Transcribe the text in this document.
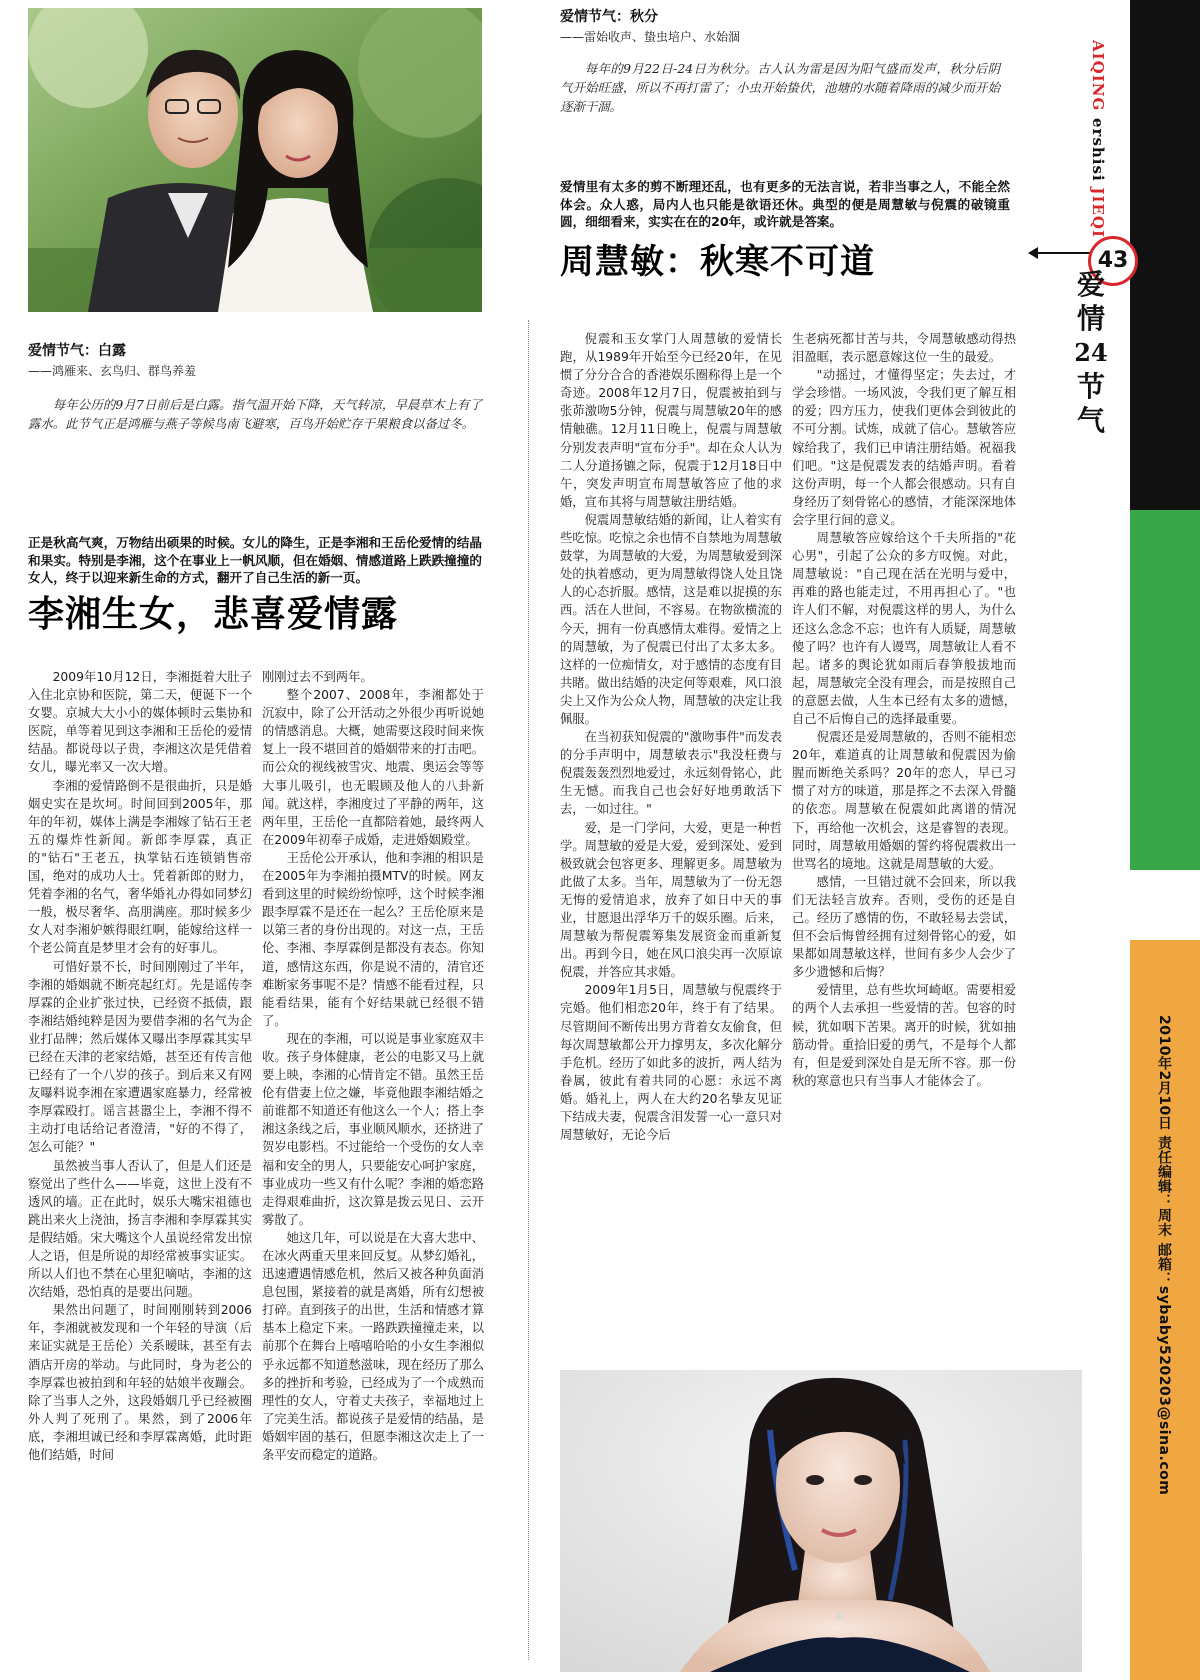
爱情节气：白露
——鸿雁来、玄鸟归、群鸟养羞
每年公历的9月7日前后是白露。指气温开始下降，天气转凉，早晨草木上有了露水。此节气正是鸿雁与燕子等候鸟南飞避寒，百鸟开始贮存干果粮食以备过冬。
正是秋高气爽，万物结出硕果的时候。女儿的降生，正是李湘和王岳伦爱情的结晶和果实。特别是李湘，这个在事业上一帆风顺，但在婚姻、情感道路上跌跌撞撞的女人，终于以迎来新生命的方式，翻开了自己生活的新一页。
李湘生女，悲喜爱情露

2009年10月12日，李湘挺着大肚子入住北京协和医院，第二天，便诞下一个女婴。京城大大小小的媒体顿时云集协和医院，单等着见到这李湘和王岳伦的爱情结晶。都说母以子贵，李湘这次是凭借着女儿，曝光率又一次大增。

李湘的爱情路倒不是很曲折，只是婚姻史实在是坎坷。时间回到2005年，那年的年初，媒体上满是李湘嫁了钻石王老五的爆炸性新闻。新郎李厚霖，真正的"钻石"王老五，执掌钻石连锁销售帝国，绝对的成功人士。凭着新郎的财力，凭着李湘的名气，奢华婚礼办得如同梦幻一般，极尽奢华、高朋满座。那时候多少女人对李湘妒嫉得眼红啊，能嫁给这样一个老公简直是梦里才会有的好事儿。

可惜好景不长，时间刚刚过了半年，李湘的婚姻就不断亮起红灯。先是谣传李厚霖的企业扩张过快，已经资不抵债，跟李湘结婚纯粹是因为要借李湘的名气为企业打品牌；然后媒体又曝出李厚霖其实早已经在天津的老家结婚，甚至还有传言他已经有了一个八岁的孩子。到后来又有网友曝料说李湘在家遭遇家庭暴力，经常被李厚霖殴打。谣言甚嚣尘上，李湘不得不主动打电话给记者澄清，"好的不得了，怎么可能？"

虽然被当事人否认了，但是人们还是察觉出了些什么——毕竟，这世上没有不透风的墙。正在此时，娱乐大嘴宋祖德也跳出来火上浇油，扬言李湘和李厚霖其实是假结婚。宋大嘴这个人虽说经常发出惊人之语，但是所说的却经常被事实证实。所以人们也不禁在心里犯嘀咕，李湘的这次结婚，恐怕真的是要出问题。

果然出问题了，时间刚刚转到2006年，李湘就被发现和一个年轻的导演（后来证实就是王岳伦）关系暧昧，甚至有去酒店开房的举动。与此同时，身为老公的李厚霖也被拍到和年轻的姑娘半夜蹦会。除了当事人之外，这段婚姻几乎已经被圈外人判了死刑了。果然，到了2006年底，李湘坦诚已经和李厚霖离婚，此时距他们结婚，时间

刚刚过去不到两年。

整个2007、2008年，李湘都处于沉寂中，除了公开活动之外很少再听说她的情感消息。大概，她需要这段时间来恢复上一段不堪回首的婚姻带来的打击吧。而公众的视线被雪灾、地震、奥运会等等大事儿吸引，也无暇顾及他人的八卦新闻。就这样，李湘度过了平静的两年，这两年里，王岳伦一直都陪着她，最终两人在2009年初奉子成婚，走进婚姻殿堂。

王岳伦公开承认，他和李湘的相识是在2005年为李湘拍摄MTV的时候。网友看到这里的时候纷纷惊呼，这个时候李湘跟李厚霖不是还在一起么？王岳伦原来是以第三者的身份出现的。对这一点，王岳伦、李湘、李厚霖倒是都没有表态。你知道，感情这东西，你是说不清的，清官还难断家务事呢不是？情感不能看过程，只能看结果，能有个好结果就已经很不错了。

现在的李湘，可以说是事业家庭双丰收。孩子身体健康，老公的电影又马上就要上映，李湘的心情肯定不错。虽然王岳伦有借妻上位之嫌，毕竟他跟李湘结婚之前谁都不知道还有他这么一个人；搭上李湘这条线之后，事业顺风顺水，还挤进了贺岁电影档。不过能给一个受伤的女人幸福和安全的男人，只要能安心呵护家庭，事业成功一些又有什么呢？李湘的婚恋路走得艰难曲折，这次算是拨云见日、云开雾散了。

她这几年，可以说是在大喜大悲中、在冰火两重天里来回反复。从梦幻婚礼，迅速遭遇情感危机，然后又被各种负面消息包围，紧接着的就是离婚，所有幻想被打碎。直到孩子的出世，生活和情感才算基本上稳定下来。一路跌跌撞撞走来，以前那个在舞台上嘻嘻哈哈的小女生李湘似乎永远都不知道愁滋味，现在经历了那么多的挫折和考验，已经成为了一个成熟而理性的女人，守着丈夫孩子，幸福地过上了完美生活。都说孩子是爱情的结晶，是婚姻牢固的基石，但愿李湘这次走上了一条平安而稳定的道路。

爱情节气：秋分
——雷始收声、蛰虫培户、水始涸
每年的9月22日-24日为秋分。古人认为雷是因为阳气盛而发声，秋分后阴气开始旺盛，所以不再打雷了；小虫开始蛰伏，池塘的水随着降雨的减少而开始逐渐干涸。
爱情里有太多的剪不断理还乱，也有更多的无法言说，若非当事之人，不能全然体会。众人惑，局内人也只能是欲语还休。典型的便是周慧敏与倪震的破镜重圆，细细看来，实实在在的20年，或许就是答案。
周慧敏：秋寒不可道

倪震和玉女掌门人周慧敏的爱情长跑，从1989年开始至今已经20年，在见惯了分分合合的香港娱乐圈称得上是一个奇迹。2008年12月7日，倪震被拍到与张茆激吻5分钟，倪震与周慧敏20年的感情触礁。12月11日晚上，倪震与周慧敏分别发表声明"宣布分手"。却在众人认为二人分道扬镳之际，倪震于12月18日中午，突发声明宣布周慧敏答应了他的求婚，宣布其将与周慧敏注册结婚。

倪震周慧敏结婚的新闻，让人着实有些吃惊。吃惊之余也情不自禁地为周慧敏鼓掌，为周慧敏的大爱，为周慧敏爱到深处的执着感动，更为周慧敏得饶人处且饶人的心态折服。感情，这是难以捉摸的东西。活在人世间，不容易。在物欲横流的今天，拥有一份真感情太难得。爱情之上的周慧敏，为了倪震已付出了太多太多。这样的一位痴情女，对于感情的态度有目共睹。做出结婚的决定何等艰难，风口浪尖上又作为公众人物，周慧敏的决定让我佩服。

在当初获知倪震的"激吻事件"而发表的分手声明中，周慧敏表示"我没枉费与倪震轰轰烈烈地爱过，永远刻骨铭心，此生无憾。而我自己也会好好地勇敢活下去，一如过往。"

爱，是一门学问，大爱，更是一种哲学。周慧敏的爱是大爱，爱到深处、爱到极致就会包容更多、理解更多。周慧敏为此做了太多。当年，周慧敏为了一份无怨无悔的爱情追求，放弃了如日中天的事业，甘愿退出浮华万千的娱乐圈。后来，周慧敏为帮倪震筹集发展资金而重新复出。再到今日，她在风口浪尖再一次原谅倪震，并答应其求婚。

2009年1月5日，周慧敏与倪震终于完婚。他们相恋20年，终于有了结果。尽管期间不断传出男方背着女友偷食，但每次周慧敏都公开力撑男友，多次化解分手危机。经历了如此多的波折，两人结为眷属，彼此有着共同的心愿：永远不离婚。婚礼上，两人在大约20名挚友见证下结成夫妻，倪震含泪发誓一心一意只对周慧敏好，无论今后

生老病死都甘苦与共，令周慧敏感动得热泪盈眶，表示愿意嫁这位一生的最爱。

"动摇过，才懂得坚定；失去过，才学会珍惜。一场风波，令我们更了解互相的爱；四方压力，使我们更体会到彼此的不可分割。试炼，成就了信心。慧敏答应嫁给我了，我们已申请注册结婚。祝福我们吧。"这是倪震发表的结婚声明。看着这份声明，每一个人都会很感动。只有自身经历了刻骨铭心的感情，才能深深地体会字里行间的意义。

周慧敏答应嫁给这个千夫所指的"花心男"，引起了公众的多方叹惋。对此，周慧敏说："自己现在活在光明与爱中，再难的路也能走过，不用再担心了。"也许人们不解，对倪震这样的男人，为什么还这么念念不忘；也许有人质疑，周慧敏傻了吗？也许有人谩骂，周慧敏让人看不起。诸多的舆论犹如雨后春笋般拔地而起，周慧敏完全没有理会，而是按照自己的意愿去做，人生本已经有太多的遗憾，自己不后悔自己的选择最重要。

倪震还是爱周慧敏的，否则不能相恋20年，难道真的让周慧敏和倪震因为偷腥而断绝关系吗？20年的恋人，早已习惯了对方的味道，那是挥之不去深入骨髓的依恋。周慧敏在倪震如此离谱的情况下，再给他一次机会，这是睿智的表现。同时，周慧敏用婚姻的誓约将倪震救出一世骂名的境地。这就是周慧敏的大爱。

感情，一旦错过就不会回来，所以我们无法轻言放弃。否则，受伤的还是自己。经历了感情的伤，不敢轻易去尝试，但不会后悔曾经拥有过刻骨铭心的爱，如果都如周慧敏这样，世间有多少人会少了多少遗憾和后悔？

爱情里，总有些坎坷崎岖。需要相爱的两个人去承担一些爱情的苦。包容的时候，犹如咽下苦果。离开的时候，犹如抽筋动骨。重拾旧爱的勇气，不是每个人都有，但是爱到深处自是无所不容。那一份秋的寒意也只有当事人才能体会了。

AIQING ershisi JIEQI
43
爱
情
24
节
气
2010年2月10日 责任编辑：周末 邮箱：sybaby520203@sina.com
